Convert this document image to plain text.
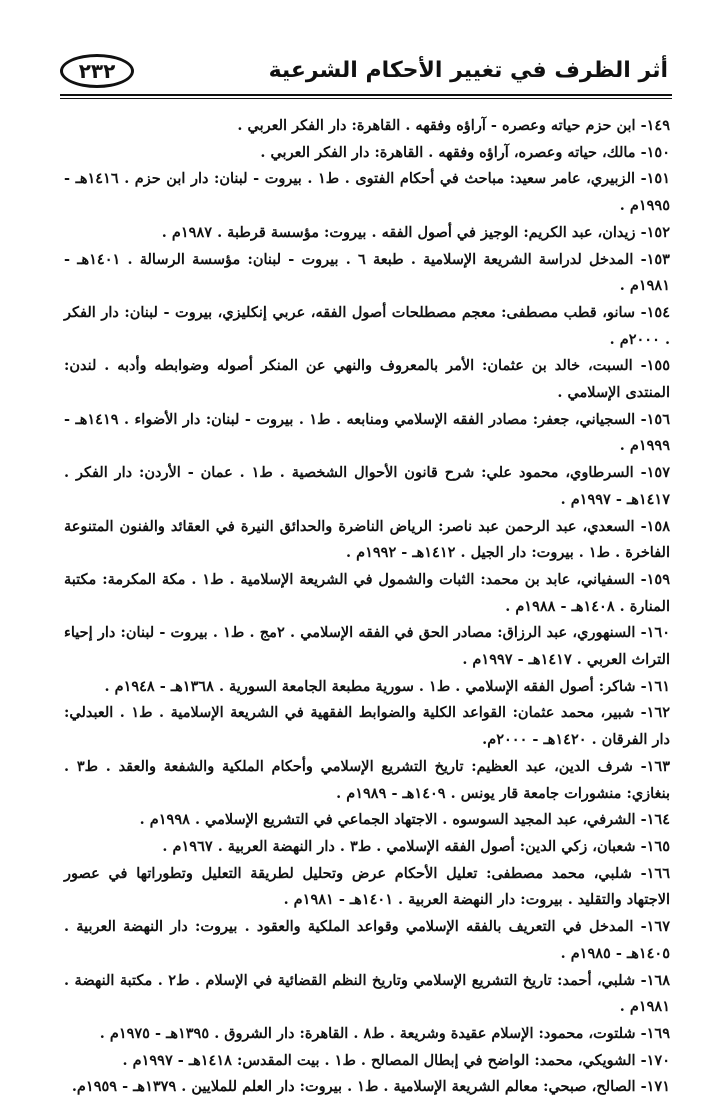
٢٣٢	أثر الظرف في تغيير الأحكام الشرعية

١٤٩- ابن حزم حياته وعصره - آراؤه وفقهه . القاهرة: دار الفكر العربي .

١٥٠- مالك، حياته وعصره، آراؤه وفقهه . القاهرة: دار الفكر العربي .

١٥١- الزبيري، عامر سعيد: مباحث في أحكام الفتوى . ط١ . بيروت - لبنان: دار ابن حزم . ١٤١٦هـ - ١٩٩٥م .

١٥٢- زيدان، عبد الكريم: الوجيز في أصول الفقه . بيروت: مؤسسة قرطبة . ١٩٨٧م .

١٥٣- المدخل لدراسة الشريعة الإسلامية . طبعة ٦ . بيروت - لبنان: مؤسسة الرسالة . ١٤٠١هـ - ١٩٨١م .

١٥٤- سانو، قطب مصطفى: معجم مصطلحات أصول الفقه، عربي إنكليزي، بيروت - لبنان: دار الفكر . ٢٠٠٠م .

١٥٥- السبت، خالد بن عثمان: الأمر بالمعروف والنهي عن المنكر أصوله وضوابطه وأدبه . لندن: المنتدى الإسلامي .

١٥٦- السجياني، جعفر: مصادر الفقه الإسلامي ومنابعه . ط١ . بيروت - لبنان: دار الأضواء . ١٤١٩هـ - ١٩٩٩م .

١٥٧- السرطاوي، محمود علي: شرح قانون الأحوال الشخصية . ط١ . عمان - الأردن: دار الفكر . ١٤١٧هـ - ١٩٩٧م .

١٥٨- السعدي، عبد الرحمن عبد ناصر: الرياض الناضرة والحدائق النيرة في العقائد والفنون المتنوعة الفاخرة . ط١ . بيروت: دار الجيل . ١٤١٢هـ - ١٩٩٢م .

١٥٩- السفياني، عابد بن محمد: الثبات والشمول في الشريعة الإسلامية . ط١ . مكة المكرمة: مكتبة المنارة . ١٤٠٨هـ - ١٩٨٨م .

١٦٠- السنهوري، عبد الرزاق: مصادر الحق في الفقه الإسلامي . ٢مج . ط١ . بيروت - لبنان: دار إحياء التراث العربي . ١٤١٧هـ - ١٩٩٧م .

١٦١- شاكر: أصول الفقه الإسلامي . ط١ . سورية مطبعة الجامعة السورية . ١٣٦٨هـ - ١٩٤٨م .

١٦٢- شبير، محمد عثمان: القواعد الكلية والضوابط الفقهية في الشريعة الإسلامية . ط١ . العبدلي: دار الفرقان . ١٤٢٠هـ - ٢٠٠٠م.

١٦٣- شرف الدين، عبد العظيم: تاريخ التشريع الإسلامي وأحكام الملكية والشفعة والعقد . ط٣ . بنغازي: منشورات جامعة قار يونس . ١٤٠٩هـ - ١٩٨٩م .

١٦٤- الشرفي، عبد المجيد السوسوه . الاجتهاد الجماعي في التشريع الإسلامي . ١٩٩٨م .

١٦٥- شعبان، زكي الدين: أصول الفقه الإسلامي . ط٣ . دار النهضة العربية . ١٩٦٧م .

١٦٦- شلبي، محمد مصطفى: تعليل الأحكام عرض وتحليل لطريقة التعليل وتطوراتها في عصور الاجتهاد والتقليد . بيروت: دار النهضة العربية . ١٤٠١هـ - ١٩٨١م .

١٦٧- المدخل في التعريف بالفقه الإسلامي وقواعد الملكية والعقود . بيروت: دار النهضة العربية . ١٤٠٥هـ - ١٩٨٥م .

١٦٨- شلبي، أحمد: تاريخ التشريع الإسلامي وتاريخ النظم القضائية في الإسلام . ط٢ . مكتبة النهضة . ١٩٨١م .

١٦٩- شلتوت، محمود: الإسلام عقيدة وشريعة . ط٨ . القاهرة: دار الشروق . ١٣٩٥هـ - ١٩٧٥م .

١٧٠- الشويكي، محمد: الواضح في إبطال المصالح . ط١ . بيت المقدس: ١٤١٨هـ - ١٩٩٧م .

١٧١- الصالح، صبحي: معالم الشريعة الإسلامية . ط١ . بيروت: دار العلم للملايين . ١٣٧٩هـ - ١٩٥٩م.
